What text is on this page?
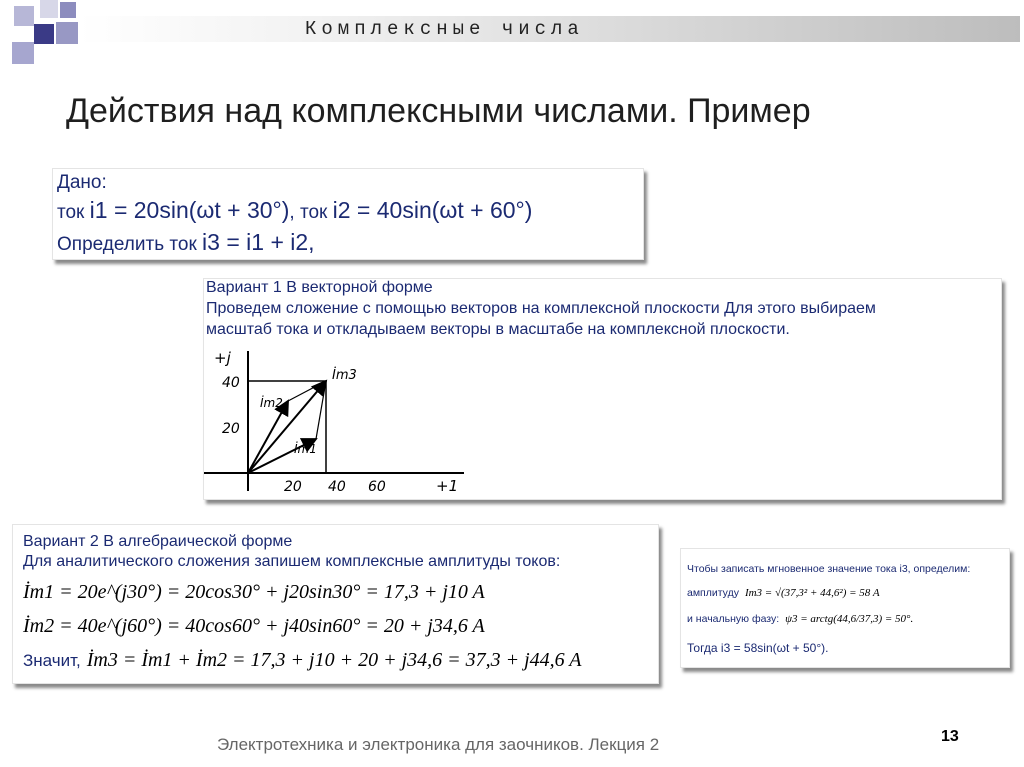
Комплексные числа
Действия над комплексными числами. Пример
Дано:
ток i1 = 20sin(ωt + 30°), ток i2 = 40sin(ωt + 60°)
Определить ток i3 = i1 + i2,
Вариант 1 В векторной форме
Проведем сложение с помощью векторов на комплексной плоскости Для этого выбираем
масштаб тока и откладываем векторы в масштабе на комплексной плоскости.
+j
+1
40
20
20 40 60
İm3
İm2
İm1
Вариант 2 В алгебраической форме
Для аналитического сложения запишем комплексные амплитуды токов:
İm1 = 20e^(j30°) = 20cos30° + j20sin30° = 17,3 + j10 A
İm2 = 40e^(j60°) = 40cos60° + j40sin60° = 20 + j34,6 A
Значит, İm3 = İm1 + İm2 = 17,3 + j10 + 20 + j34,6 = 37,3 + j44,6 A
Чтобы записать мгновенное значение тока i3, определим:
амплитуду Im3 = √(37,3² + 44,6²) = 58 A
и начальную фазу: ψ3 = arctg(44,6/37,3) = 50°.
Тогда i3 = 58sin(ωt + 50°).
Электротехника и электроника для заочников. Лекция 2	13
